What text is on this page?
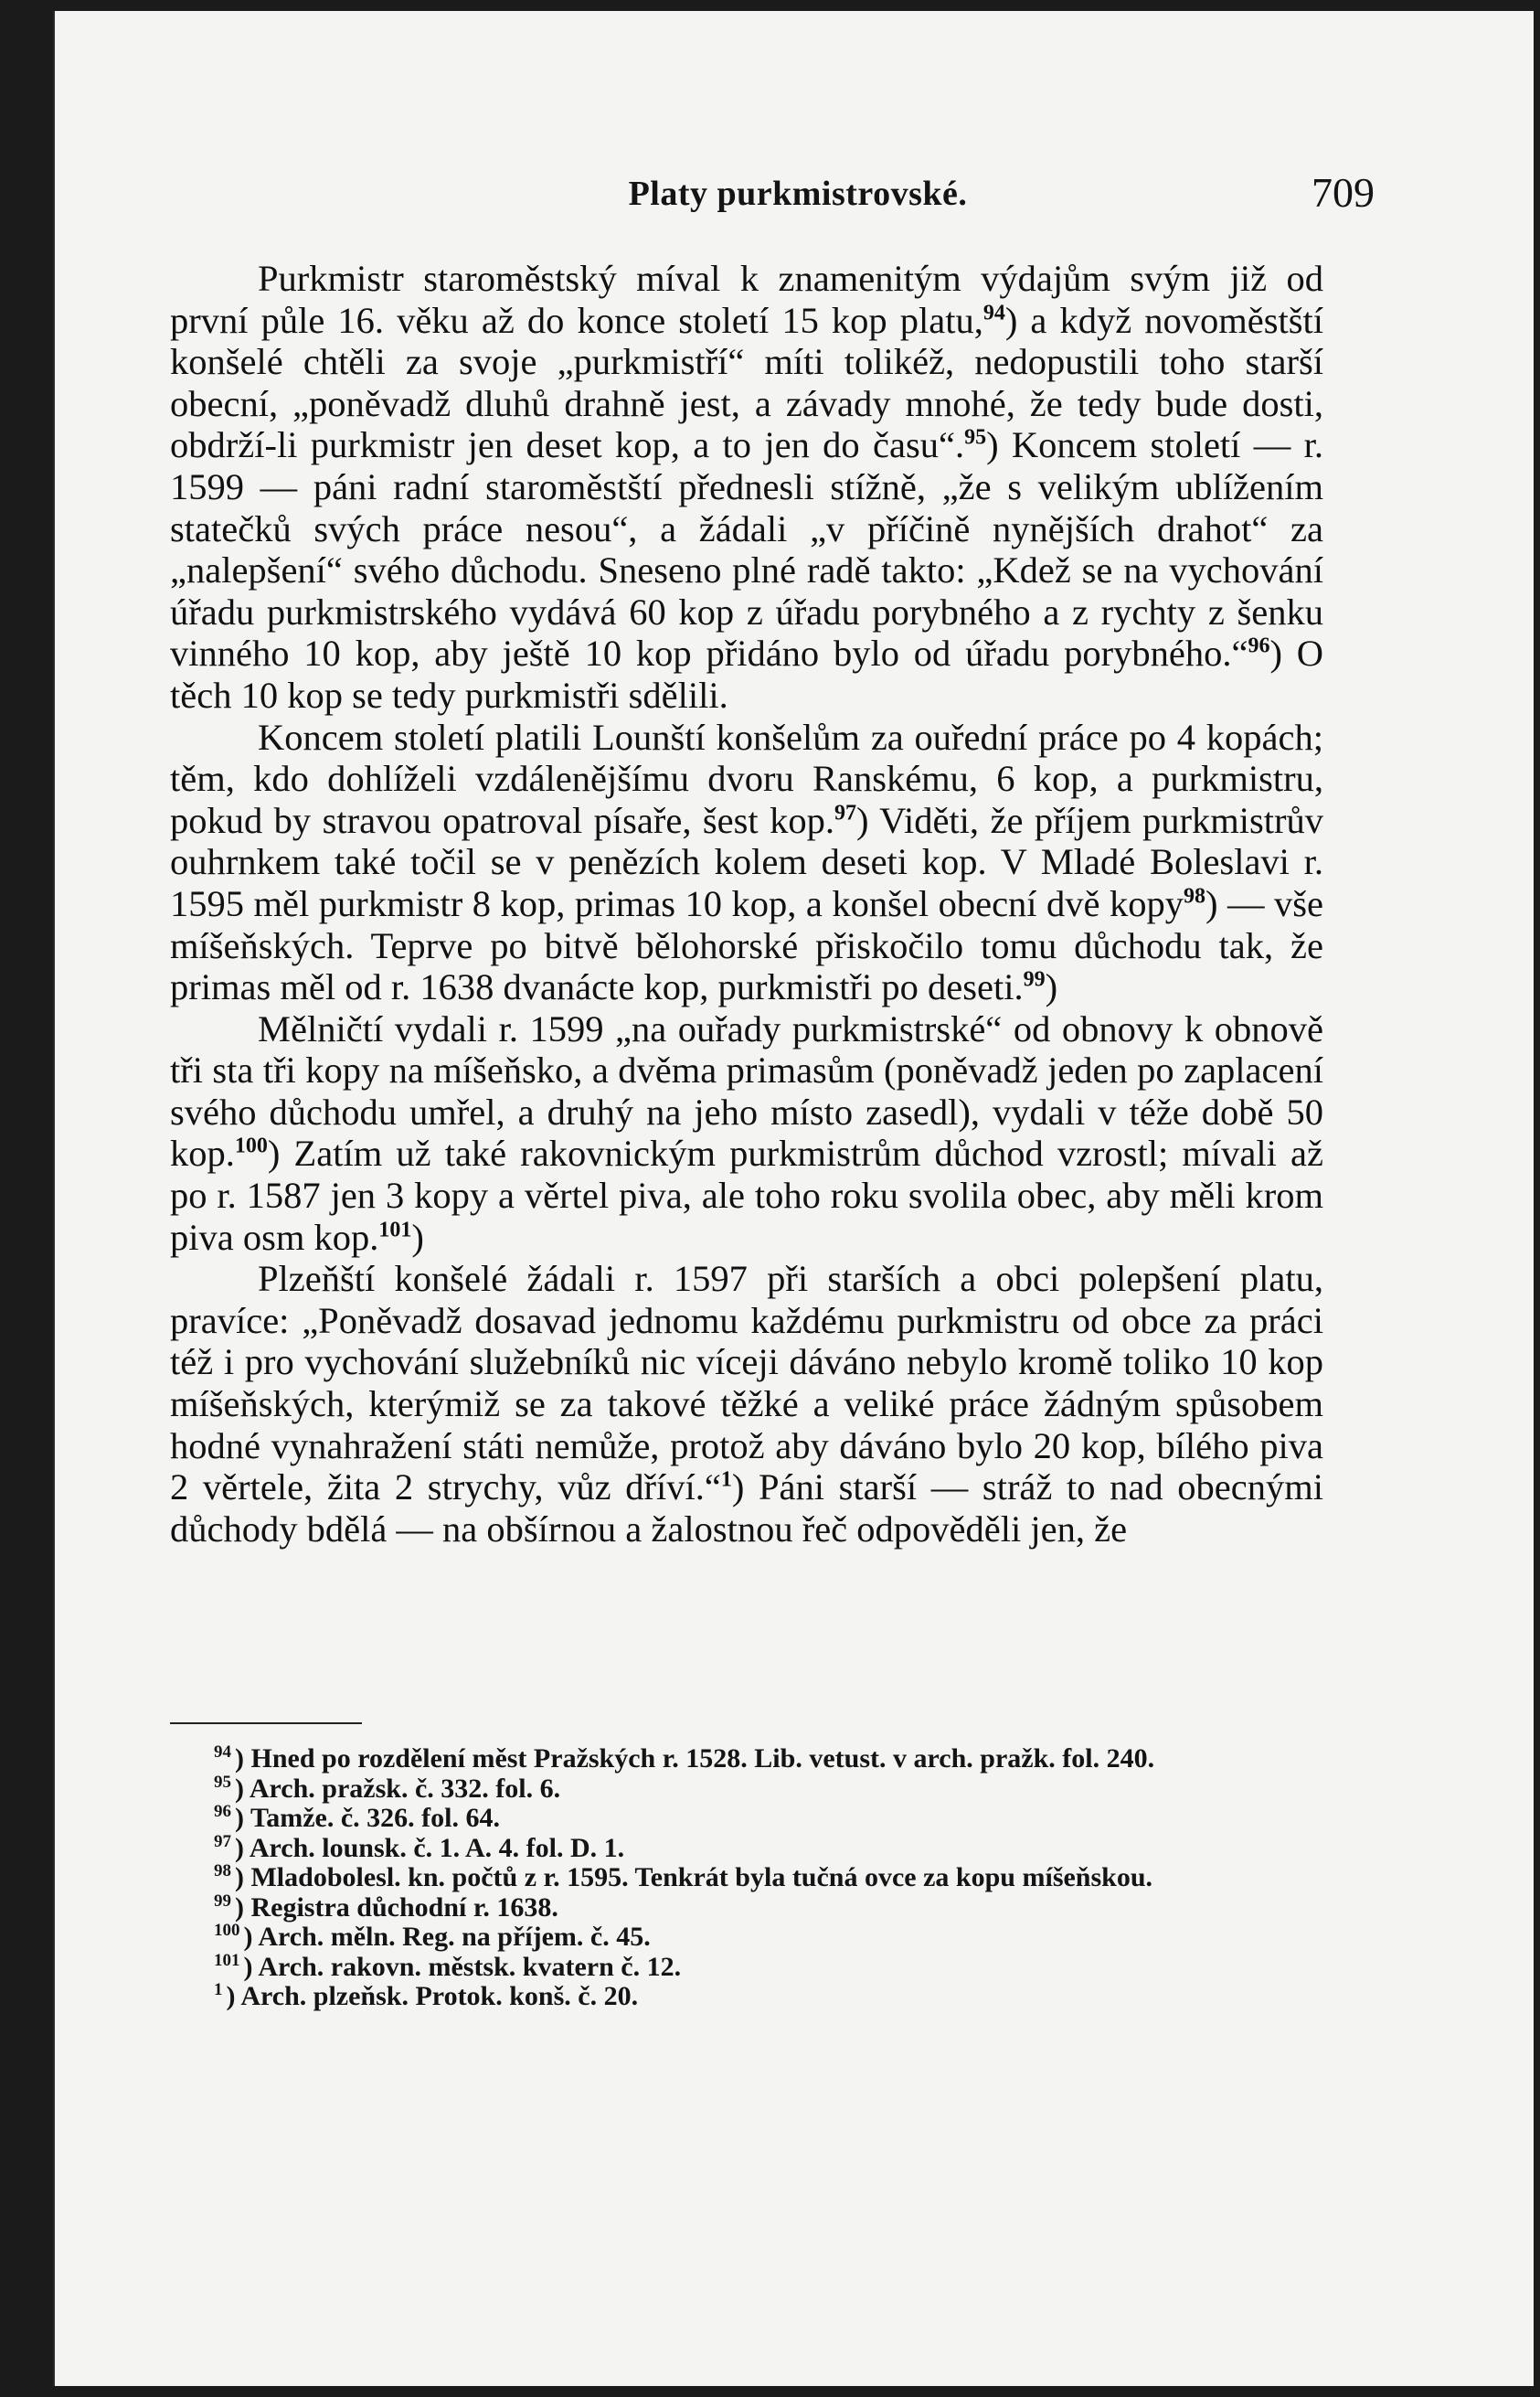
Platy purkmistrovské.	709

Purkmistr staroměstský míval k znamenitým výdajům svým již od první půle 16. věku až do konce století 15 kop platu,$^{94}$) a když novoměstští konšelé chtěli za svoje „purkmistří“ míti tolikéž, nedopustili toho starší obecní, „poněvadž dluhů drahně jest, a závady mnohé, že tedy bude dosti, obdrží-li purkmistr jen deset kop, a to jen do času“.$^{95}$) Koncem století — r. 1599 — páni radní staroměstští přednesli stížně, „že s velikým ublížením statečků svých práce nesou“, a žádali „v příčině nynějších drahot“ za „nalepšení“ svého důchodu. Sneseno plné radě takto: „Kdež se na vychování úřadu purkmistrského vydává 60 kop z úřadu porybného a z rychty z šenku vinného 10 kop, aby ještě 10 kop přidáno bylo od úřadu porybného.“$^{96}$) O těch 10 kop se tedy purkmistři sdělili.

Koncem století platili Lounští konšelům za ouřední práce po 4 kopách; těm, kdo dohlíželi vzdálenějšímu dvoru Ranskému, 6 kop, a purkmistru, pokud by stravou opatroval písaře, šest kop.$^{97}$) Viděti, že příjem purkmistrův ouhrnkem také točil se v penězích kolem deseti kop. V Mladé Boleslavi r. 1595 měl purkmistr 8 kop, primas 10 kop, a konšel obecní dvě kopy$^{98}$) — vše míšeňských. Teprve po bitvě bělohorské přiskočilo tomu důchodu tak, že primas měl od r. 1638 dvanácte kop, purkmistři po deseti.$^{99}$)

Mělničtí vydali r. 1599 „na ouřady purkmistrské“ od obnovy k obnově tři sta tři kopy na míšeňsko, a dvěma primasům (poněvadž jeden po zaplacení svého důchodu umřel, a druhý na jeho místo zasedl), vydali v téže době 50 kop.$^{100}$) Zatím už také rakovnickým purkmistrům důchod vzrostl; mívali až po r. 1587 jen 3 kopy a věrtel piva, ale toho roku svolila obec, aby měli krom piva osm kop.$^{101}$)

Plzeňští konšelé žádali r. 1597 při starších a obci polepšení platu, pravíce: „Poněvadž dosavad jednomu každému purkmistru od obce za práci též i pro vychování služebníků nic víceji dáváno nebylo kromě toliko 10 kop míšeňských, kterýmiž se za takové těžké a veliké práce žádným spůsobem hodné vynahražení státi nemůže, protož aby dáváno bylo 20 kop, bílého piva 2 věrtele, žita 2 strychy, vůz dříví.“$^1$) Páni starší — stráž to nad obecnými důchody bdělá — na obšírnou a žalostnou řeč odpověděli jen, že

$^{94}$ ) Hned po rozdělení měst Pražských r. 1528. Lib. vetust. v arch. pražk. fol. 240.
$^{95}$ ) Arch. pražsk. č. 332. fol. 6.
$^{96}$ ) Tamže. č. 326. fol. 64.
$^{97}$ ) Arch. lounsk. č. 1. A. 4. fol. D. 1.
$^{98}$ ) Mladobolesl. kn. počtů z r. 1595. Tenkrát byla tučná ovce za kopu míšeňskou.
$^{99}$ ) Registra důchodní r. 1638.
$^{100}$ ) Arch. měln. Reg. na příjem. č. 45.
$^{101}$ ) Arch. rakovn. městsk. kvatern č. 12.
$^1$ ) Arch. plzeňsk. Protok. konš. č. 20.
